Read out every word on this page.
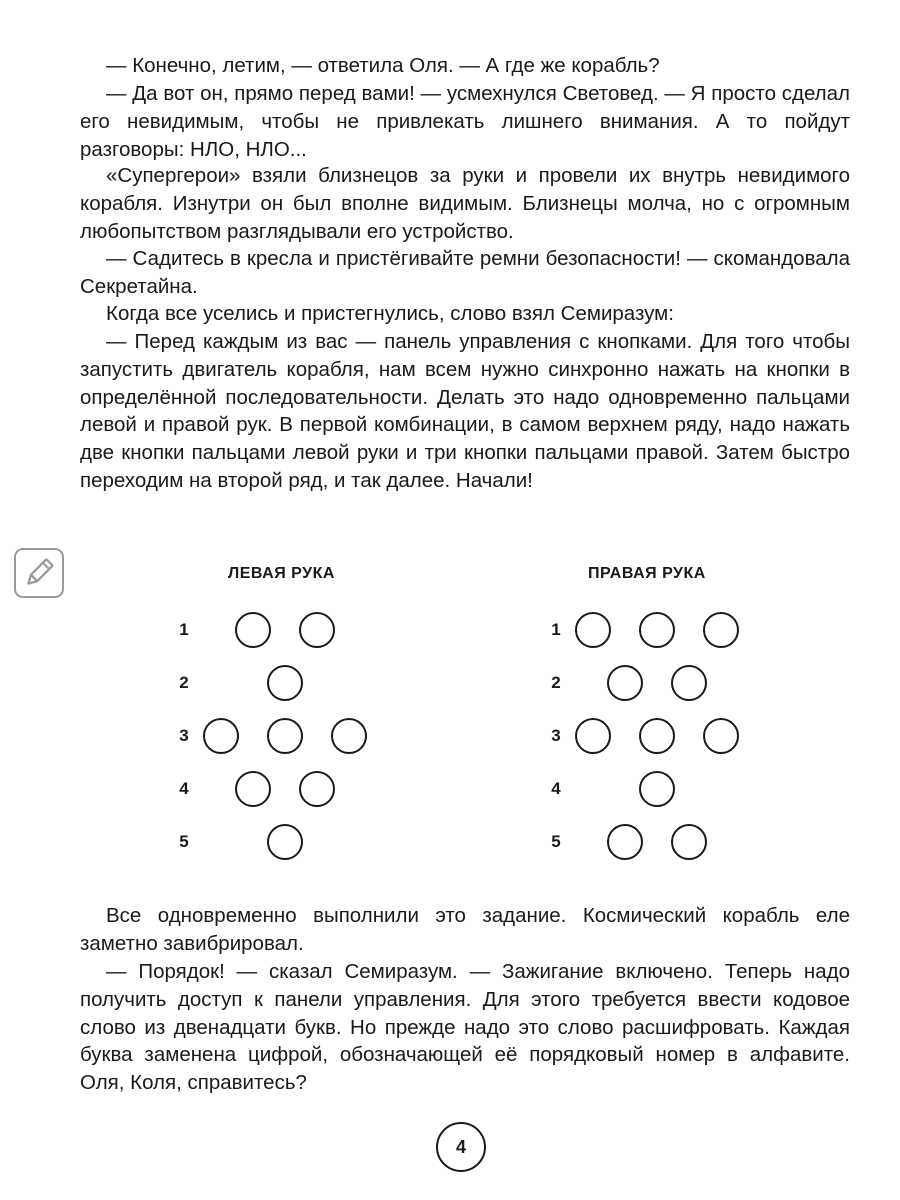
— Конечно, летим, — ответила Оля. — А где же корабль?

— Да вот он, прямо перед вами! — усмехнулся Световед. — Я просто сделал его невидимым, чтобы не привлекать лишнего внимания. А то пойдут разговоры: НЛО, НЛО...

«Супергерои» взяли близнецов за руки и провели их внутрь невидимого корабля. Изнутри он был вполне видимым. Близнецы молча, но с огромным любопытством разглядывали его устройство.

— Садитесь в кресла и пристёгивайте ремни безопасности! — скомандовала Секретайна.

Когда все уселись и пристегнулись, слово взял Семиразум:

— Перед каждым из вас — панель управления с кнопками. Для того чтобы запустить двигатель корабля, нам всем нужно синхронно нажать на кнопки в определённой последовательности. Делать это надо одновременно пальцами левой и правой рук. В первой комбинации, в самом верхнем ряду, надо нажать две кнопки пальцами левой руки и три кнопки пальцами правой. Затем быстро переходим на второй ряд, и так далее. Начали!

ЛЕВАЯ РУКА	ПРАВАЯ РУКА
1
2
3
4
5
1
2
3
4
5

Все одновременно выполнили это задание. Космический корабль еле заметно завибрировал.

— Порядок! — сказал Семиразум. — Зажигание включено. Теперь надо получить доступ к панели управления. Для этого требуется ввести кодовое слово из двенадцати букв. Но прежде надо это слово расшифровать. Каждая буква заменена цифрой, обозначающей её порядковый номер в алфавите. Оля, Коля, справитесь?

4
